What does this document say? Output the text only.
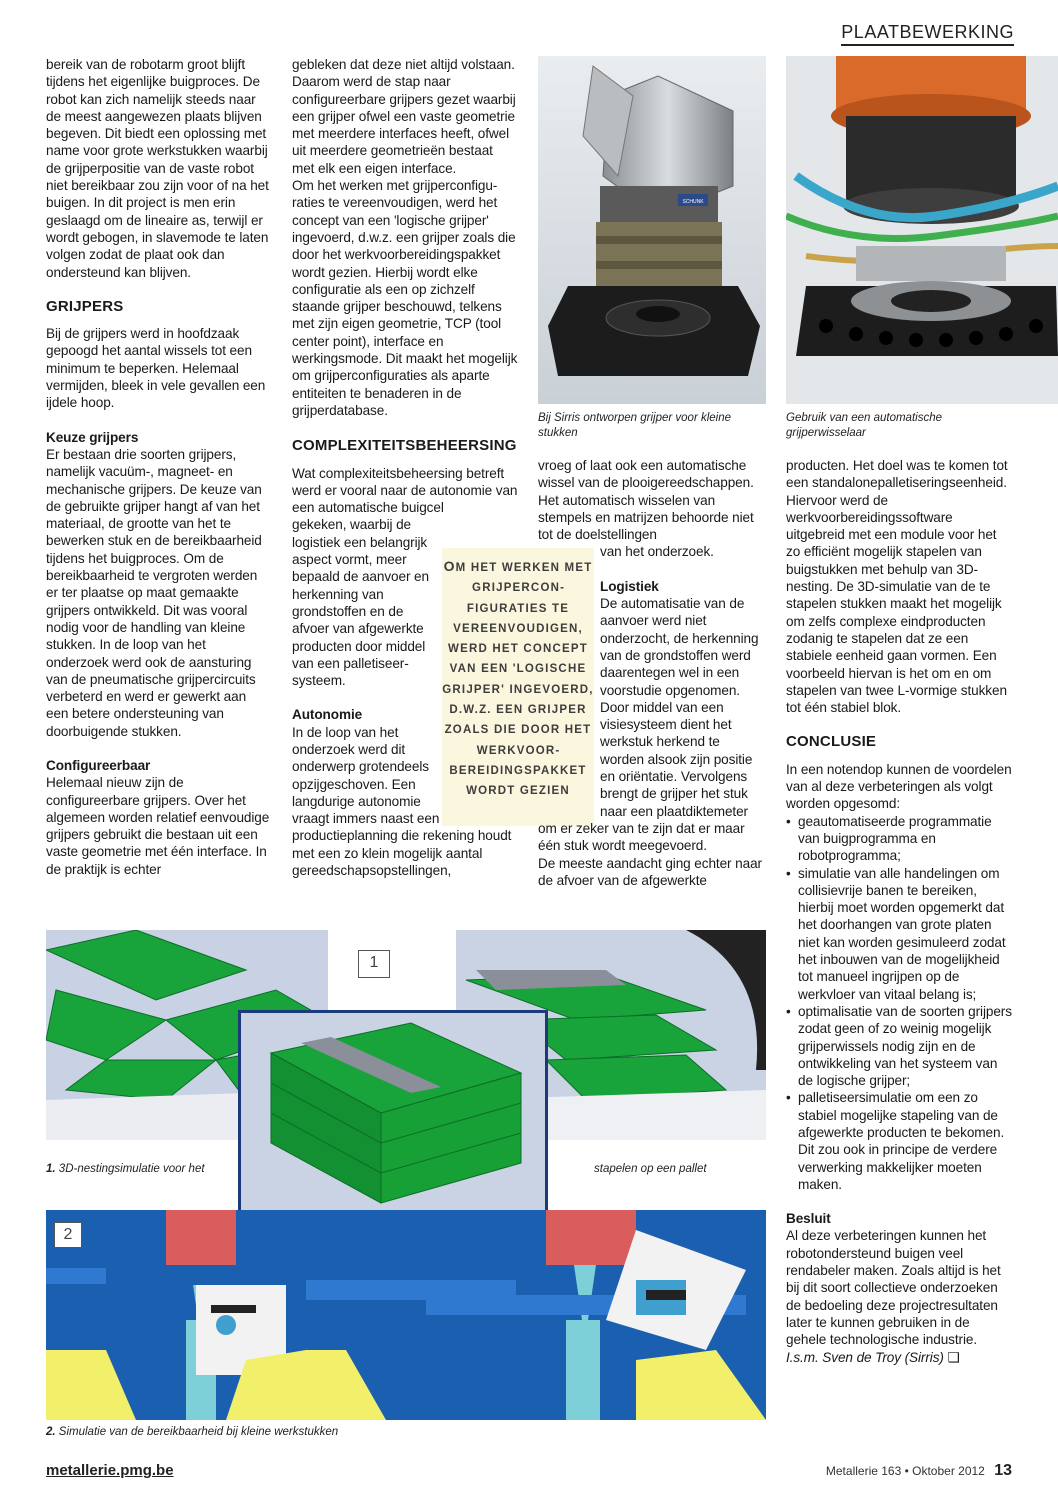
PLAATBEWERKING

bereik van de robotarm groot blijft tijdens het eigenlijke buigproces. De robot kan zich namelijk steeds naar de meest aangewezen plaats blijven begeven. Dit biedt een oplossing met name voor grote werkstukken waarbij de grijperpositie van de vaste robot niet bereikbaar zou zijn voor of na het buigen. In dit project is men erin geslaagd om de lineaire as, terwijl er wordt gebogen, in slavemode te laten volgen zodat de plaat ook dan ondersteund kan blijven.

GRIJPERS

Bij de grijpers werd in hoofdzaak gepoogd het aantal wissels tot een minimum te beperken. Helemaal vermijden, bleek in vele gevallen een ijdele hoop.

Keuze grijpers

Er bestaan drie soorten grijpers, namelijk vacuüm-, magneet- en mechanische grijpers. De keuze van de gebruikte grijper hangt af van het materiaal, de grootte van het te bewerken stuk en de bereikbaarheid tijdens het buigproces. Om de bereikbaarheid te vergroten werden er ter plaatse op maat gemaakte grijpers ontwikkeld. Dit was vooral nodig voor de handling van kleine stukken. In de loop van het onderzoek werd ook de aansturing van de pneumatische grijpercircuits verbeterd en werd er gewerkt aan een betere ondersteuning van doorbuigende stukken.

Configureerbaar

Helemaal nieuw zijn de configureerbare grijpers. Over het algemeen worden relatief eenvoudige grijpers gebruikt die bestaan uit een vaste geometrie met één interface. In de praktijk is echter

gebleken dat deze niet altijd volstaan. Daarom werd de stap naar configureerbare grijpers gezet waarbij een grijper ofwel een vaste geometrie met meerdere interfaces heeft, ofwel uit meerdere geometrieën bestaat met elk een eigen interface.

Om het werken met grijperconfiguraties te vereenvoudigen, werd het concept van een 'logische grijper' ingevoerd, d.w.z. een grijper zoals die door het werkvoorbereidingspakket wordt gezien. Hierbij wordt elke configuratie als een op zichzelf staande grijper beschouwd, telkens met zijn eigen geometrie, TCP (tool center point), interface en werkingsmode. Dit maakt het mogelijk om grijperconfiguraties als aparte entiteiten te benaderen in de grijperdatabase.

COMPLEXITEITSBEHEERSING

Wat complexiteitsbeheersing betreft werd er vooral naar de autonomie van een automatische buigcel

gekeken, waarbij de logistiek een belangrijk aspect vormt, meer bepaald de aanvoer en herkenning van grondstoffen en de afvoer van afgewerkte producten door middel van een palletiseersysteem.

Autonomie

In de loop van het onderzoek werd dit onderwerp grotendeels opzijgeschoven. Een langdurige autonomie

vraagt immers naast een productieplanning die rekening houdt met een zo klein mogelijk aantal gereedschapsopstellingen,

OM HET WERKEN MET GRIJPERCONFIGURATIES TE VEREENVOUDIGEN, WERD HET CONCEPT VAN EEN 'LOGISCHE GRIJPER' INGEVOERD, D.W.Z. EEN GRIJPER ZOALS DIE DOOR HET WERKVOORBEREIDINGSPAKKET WORDT GEZIEN
SCHUNK
Bij Sirris ontworpen grijper voor kleine stukken
Gebruik van een automatische grijperwisselaar

vroeg of laat ook een automatische wissel van de plooigereedschappen. Het automatisch wisselen van stempels en matrijzen behoorde niet tot de doelstellingen

van het onderzoek.

Logistiek

De automatisatie van de aanvoer werd niet onderzocht, de herkenning van de grondstoffen werd daarentegen wel in een voorstudie opgenomen. Door middel van een visiesysteem dient het werkstuk herkend te worden alsook zijn positie en oriëntatie. Vervolgens brengt de grijper het stuk naar een plaatdiktemeter

om er zeker van te zijn dat er maar één stuk wordt meegevoerd.

De meeste aandacht ging echter naar de afvoer van de afgewerkte

producten. Het doel was te komen tot een standalonepalletiseringseenheid. Hiervoor werd de werkvoorbereidingssoftware uitgebreid met een module voor het zo efficiënt mogelijk stapelen van buigstukken met behulp van 3D-nesting. De 3D-simulatie van de te stapelen stukken maakt het mogelijk om zelfs complexe eindproducten zodanig te stapelen dat ze een stabiele eenheid gaan vormen. Een voorbeeld hiervan is het om en om stapelen van twee L-vormige stukken tot één stabiel blok.

CONCLUSIE

In een notendop kunnen de voordelen van al deze verbeteringen als volgt worden opgesomd:

• geautomatiseerde programmatie van buigprogramma en robotprogramma;
• simulatie van alle handelingen om collisievrije banen te bereiken, hierbij moet worden opgemerkt dat het doorhangen van grote platen niet kan worden gesimuleerd zodat het inbouwen van de mogelijkheid tot manueel ingrijpen op de werkvloer van vitaal belang is;
• optimalisatie van de soorten grijpers zodat geen of zo weinig mogelijk grijperwissels nodig zijn en de ontwikkeling van het systeem van de logische grijper;
• palletiseersimulatie om een zo stabiel mogelijke stapeling van de afgewerkte producten te bekomen. Dit zou ook in principe de verdere verwerking makkelijker moeten maken.
Besluit

Al deze verbeteringen kunnen het robotondersteund buigen veel rendabeler maken. Zoals altijd is het bij dit soort collectieve onderzoeken de bedoeling deze projectresultaten later te kunnen gebruiken in de gehele technologische industrie.

I.s.m. Sven de Troy (Sirris) ❑

1
1. 3D-nestingsimulatie voor het	stapelen op een pallet
2
2. Simulatie van de bereikbaarheid bij kleine werkstukken
metallerie.pmg.be	Metallerie 163 • Oktober 2012 13
